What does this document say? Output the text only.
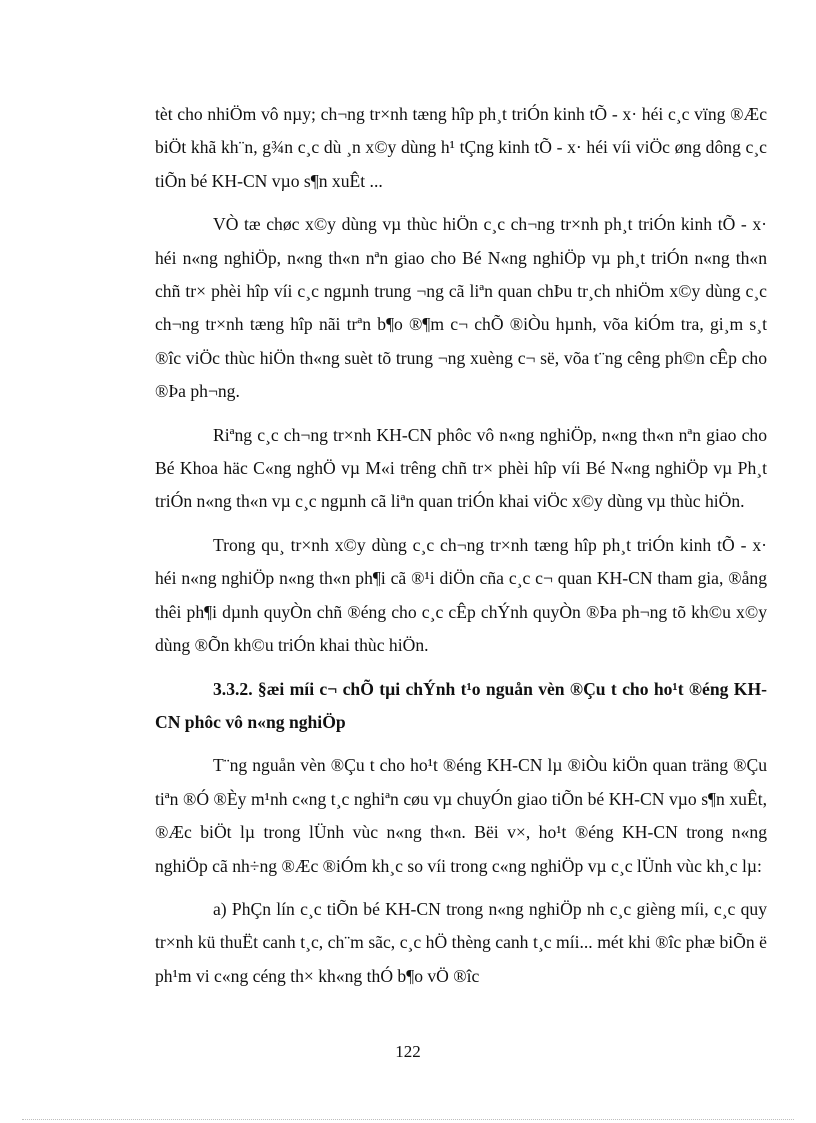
tèt cho nhiÖm vô nµy; ch¬ng tr×nh tæng hîp ph¸t triÓn kinh tÕ - x· héi c¸c vïng ®Æc biÖt khã kh¨n, g¾n c¸c dù ¸n x©y dùng h¹ tÇng kinh tÕ - x· héi víi viÖc øng dông c¸c tiÕn bé KH-CN vµo s¶n xuÊt ...

VÒ tæ chøc x©y dùng vµ thùc hiÖn c¸c ch¬ng tr×nh ph¸t triÓn kinh tÕ - x· héi n«ng nghiÖp, n«ng th«n nªn giao cho Bé N«ng nghiÖp vµ ph¸t triÓn n«ng th«n chñ tr× phèi hîp víi c¸c ngµnh trung ¬ng cã liªn quan chÞu tr¸ch nhiÖm x©y dùng c¸c ch¬ng tr×nh tæng hîp nãi trªn b¶o ®¶m c¬ chÕ ®iÒu hµnh, võa kiÓm tra, gi¸m s¸t ®îc viÖc thùc hiÖn th«ng suèt tõ trung ¬ng xuèng c¬ së, võa t¨ng cêng ph©n cÊp cho ®Þa ph¬ng.

Riªng c¸c ch¬ng tr×nh KH-CN phôc vô n«ng nghiÖp, n«ng th«n nªn giao cho Bé Khoa häc C«ng nghÖ vµ M«i trêng chñ tr× phèi hîp víi Bé N«ng nghiÖp vµ Ph¸t triÓn n«ng th«n vµ c¸c ngµnh cã liªn quan triÓn khai viÖc x©y dùng vµ thùc hiÖn.

Trong qu¸ tr×nh x©y dùng c¸c ch¬ng tr×nh tæng hîp ph¸t triÓn kinh tÕ - x· héi n«ng nghiÖp n«ng th«n ph¶i cã ®¹i diÖn cña c¸c c¬ quan KH-CN tham gia, ®ång thêi ph¶i dµnh quyÒn chñ ®éng cho c¸c cÊp chÝnh quyÒn ®Þa ph¬ng tõ kh©u x©y dùng ®Õn kh©u triÓn khai thùc hiÖn.

3.3.2. §æi míi c¬ chÕ tµi chÝnh t¹o nguån vèn ®Çu t cho ho¹t ®éng KH-CN phôc vô n«ng nghiÖp

T¨ng nguån vèn ®Çu t cho ho¹t ®éng KH-CN lµ ®iÒu kiÖn quan träng ®Çu tiªn ®Ó ®Èy m¹nh c«ng t¸c nghiªn cøu vµ chuyÓn giao tiÕn bé KH-CN vµo s¶n xuÊt, ®Æc biÖt lµ trong lÜnh vùc n«ng th«n. Bëi v×, ho¹t ®éng KH-CN trong n«ng nghiÖp cã nh÷ng ®Æc ®iÓm kh¸c so víi trong c«ng nghiÖp vµ c¸c lÜnh vùc kh¸c lµ:

a) PhÇn lín c¸c tiÕn bé KH-CN trong n«ng nghiÖp nh c¸c gièng míi, c¸c quy tr×nh kü thuËt canh t¸c, ch¨m sãc, c¸c hÖ thèng canh t¸c míi... mét khi ®îc phæ biÕn ë ph¹m vi c«ng céng th× kh«ng thÓ b¶o vÖ ®îc

122
